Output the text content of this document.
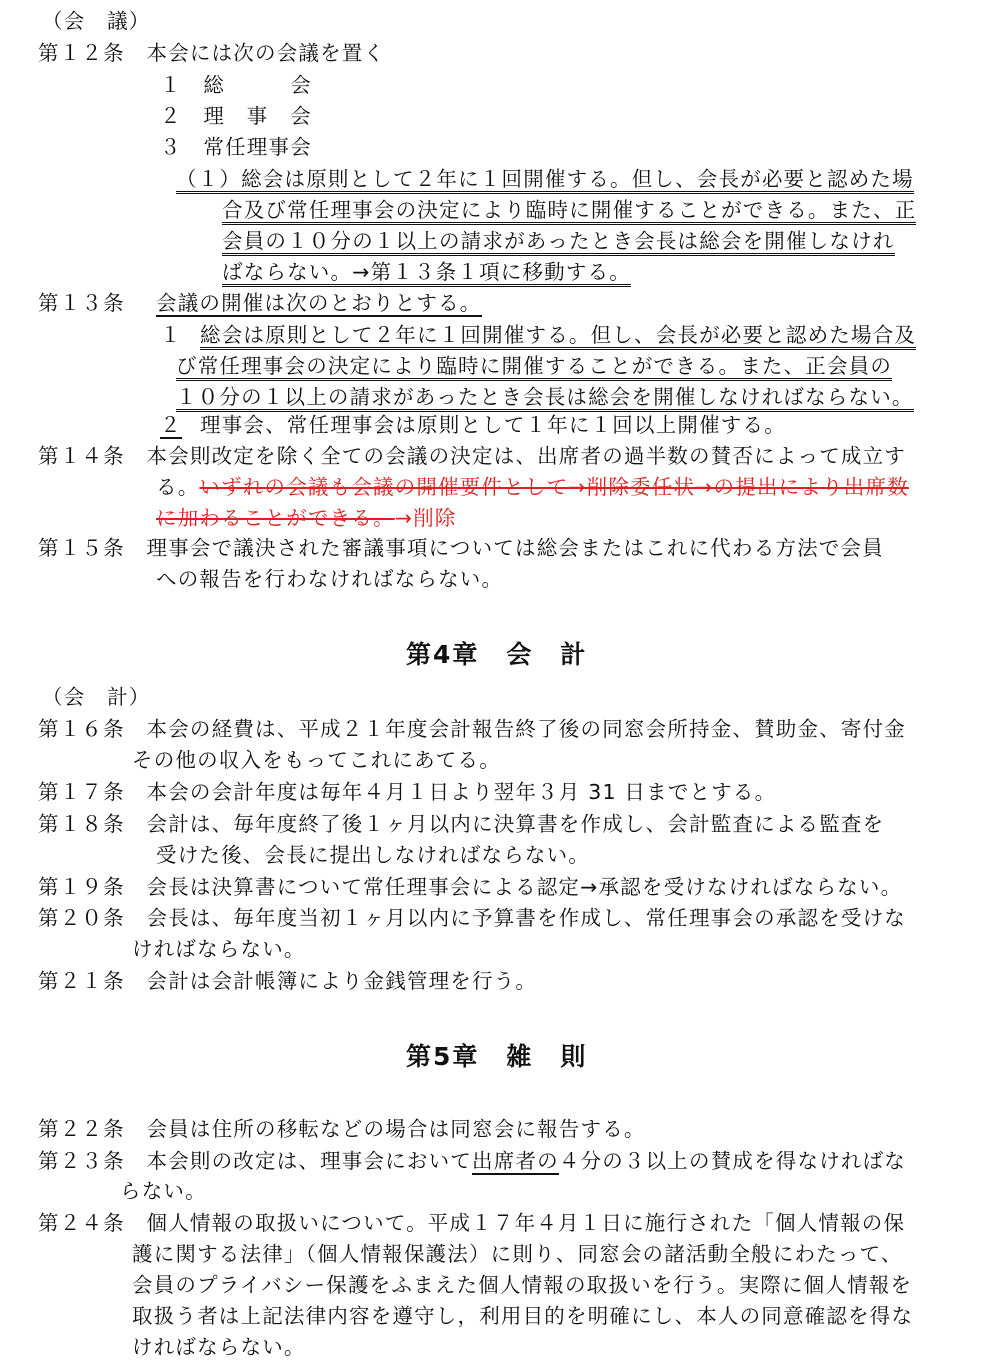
（会　議）
第１２条　本会には次の会議を置く
１　総　　　会
２　理　事　会
３　常任理事会
（１）総会は原則として２年に１回開催する。但し、会長が必要と認めた場
合及び常任理事会の決定により臨時に開催することができる。また、正
会員の１０分の１以上の請求があったとき会長は総会を開催しなけれ
ばならない。→第１３条１項に移動する。
第１３条 会議の開催は次のとおりとする。
１ 総会は原則として２年に１回開催する。但し、会長が必要と認めた場合及
び常任理事会の決定により臨時に開催することができる。また、正会員の
１０分の１以上の請求があったとき会長は総会を開催しなければならない。
２ 理事会、常任理事会は原則として１年に１回以上開催する。
第１４条　本会則改定を除く全ての会議の決定は、出席者の過半数の賛否によって成立す
る。いずれの会議も会議の開催要件として→削除委任状→の提出により出席数
に加わることができる。→削除
第１５条　理事会で議決された審議事項については総会またはこれに代わる方法で会員
への報告を行わなければならない。
第4章　会　計
（会　計）
第１６条　本会の経費は、平成２１年度会計報告終了後の同窓会所持金、賛助金、寄付金
その他の収入をもってこれにあてる。
第１７条　本会の会計年度は毎年４月１日より翌年３月 31 日までとする。
第１８条　会計は、毎年度終了後１ヶ月以内に決算書を作成し、会計監査による監査を
受けた後、会長に提出しなければならない。
第１９条　会長は決算書について常任理事会による認定→承認を受けなければならない。
第２０条　会長は、毎年度当初１ヶ月以内に予算書を作成し、常任理事会の承認を受けな
ければならない。
第２１条　会計は会計帳簿により金銭管理を行う。
第5章　雑　則
第２２条　会員は住所の移転などの場合は同窓会に報告する。
第２３条　本会則の改定は、理事会において出席者の４分の３以上の賛成を得なければな
らない。
第２４条　個人情報の取扱いについて。平成１７年４月１日に施行された「個人情報の保
護に関する法律」（個人情報保護法）に則り、同窓会の諸活動全般にわたって、
会員のプライバシー保護をふまえた個人情報の取扱いを行う。実際に個人情報を
取扱う者は上記法律内容を遵守し，利用目的を明確にし、本人の同意確認を得な
ければならない。
